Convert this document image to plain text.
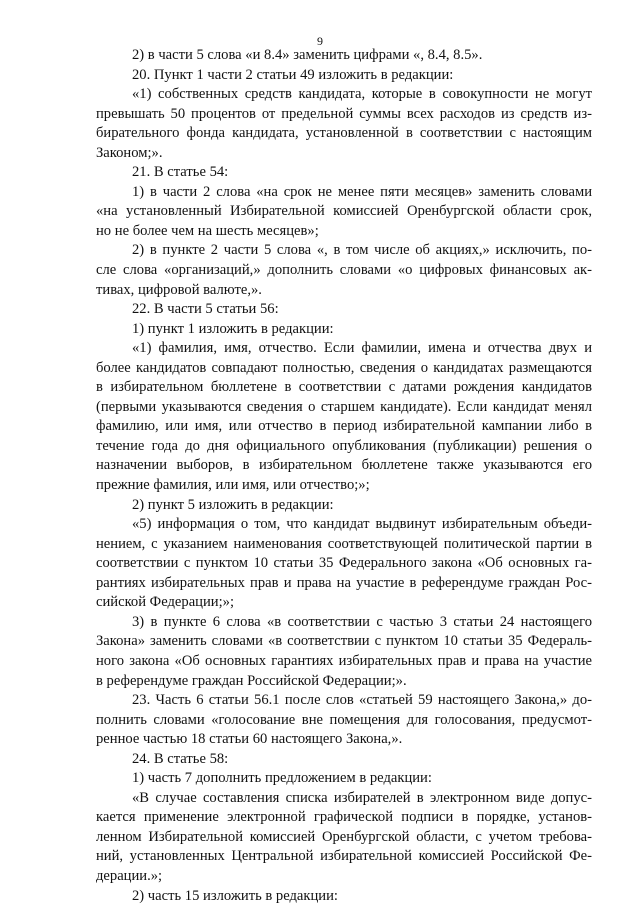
9
2) в части 5 слова «и 8.4» заменить цифрами «, 8.4, 8.5».
20. Пункт 1 части 2 статьи 49 изложить в редакции:
«1) собственных средств кандидата, которые в совокупности не могут
превышать 50 процентов от предельной суммы всех расходов из средств из-
бирательного фонда кандидата, установленной в соответствии с настоящим
Законом;».
21. В статье 54:
1) в части 2 слова «на срок не менее пяти месяцев» заменить словами
«на установленный Избирательной комиссией Оренбургской области срок,
но не более чем на шесть месяцев»;
2) в пункте 2 части 5 слова «, в том числе об акциях,» исключить, по-
сле слова «организаций,» дополнить словами «о цифровых финансовых ак-
тивах, цифровой валюте,».
22. В части 5 статьи 56:
1) пункт 1 изложить в редакции:
«1) фамилия, имя, отчество. Если фамилии, имена и отчества двух и
более кандидатов совпадают полностью, сведения о кандидатах размещаются
в избирательном бюллетене в соответствии с датами рождения кандидатов
(первыми указываются сведения о старшем кандидате). Если кандидат менял
фамилию, или имя, или отчество в период избирательной кампании либо в
течение года до дня официального опубликования (публикации) решения о
назначении выборов, в избирательном бюллетене также указываются его
прежние фамилия, или имя, или отчество;»;
2) пункт 5 изложить в редакции:
«5) информация о том, что кандидат выдвинут избирательным объеди-
нением, с указанием наименования соответствующей политической партии в
соответствии с пунктом 10 статьи 35 Федерального закона «Об основных га-
рантиях избирательных прав и права на участие в референдуме граждан Рос-
сийской Федерации;»;
3) в пункте 6 слова «в соответствии с частью 3 статьи 24 настоящего
Закона» заменить словами «в соответствии с пунктом 10 статьи 35 Федераль-
ного закона «Об основных гарантиях избирательных прав и права на участие
в референдуме граждан Российской Федерации;».
23. Часть 6 статьи 56.1 после слов «статьей 59 настоящего Закона,» до-
полнить словами «голосование вне помещения для голосования, предусмот-
ренное частью 18 статьи 60 настоящего Закона,».
24. В статье 58:
1) часть 7 дополнить предложением в редакции:
«В случае составления списка избирателей в электронном виде допус-
кается применение электронной графической подписи в порядке, установ-
ленном Избирательной комиссией Оренбургской области, с учетом требова-
ний, установленных Центральной избирательной комиссией Российской Фе-
дерации.»;
2) часть 15 изложить в редакции:
